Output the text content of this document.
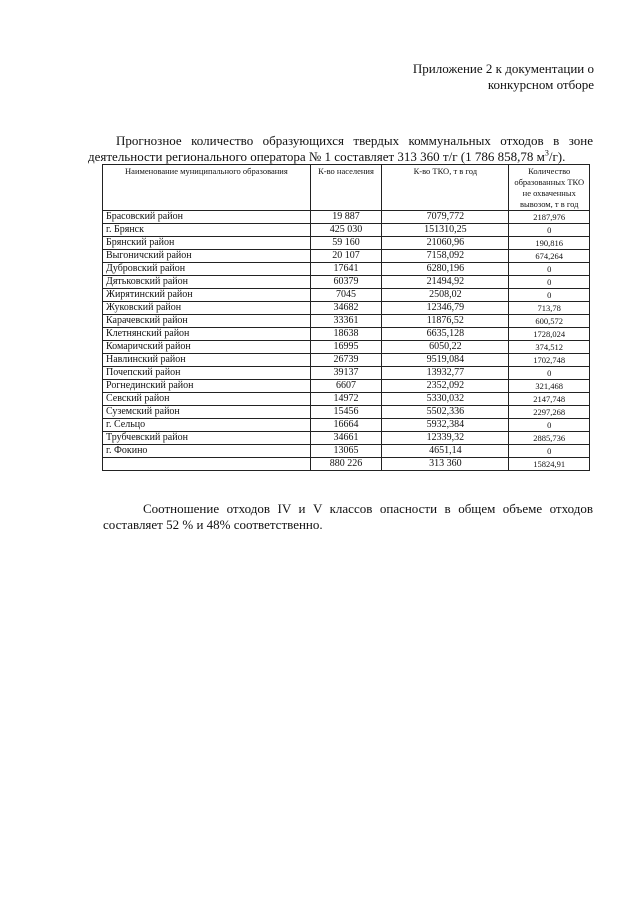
Приложение 2 к документации о
конкурсном отборе

Прогнозное количество образующихся твердых коммунальных отходов в зоне деятельности регионального оператора № 1 составляет 313 360 т/г (1 786 858,78 $м^3/г$).

Наименование муниципального образования	К-во населения	К-во ТКО, т в год	Количество образованных ТКО не охваченных вывозом, т в год
Брасовский район	19 887	7079,772	2187,976
г. Брянск	425 030	151310,25	0
Брянский район	59 160	21060,96	190,816
Выгоничский район	20 107	7158,092	674,264
Дубровский район	17641	6280,196	0
Дятьковский район	60379	21494,92	0
Жирятинский район	7045	2508,02	0
Жуковский район	34682	12346,79	713,78
Карачевский район	33361	11876,52	600,572
Клетнянский район	18638	6635,128	1728,024
Комаричский район	16995	6050,22	374,512
Навлинский район	26739	9519,084	1702,748
Почепский район	39137	13932,77	0
Рогнединский район	6607	2352,092	321,468
Севский район	14972	5330,032	2147,748
Суземский район	15456	5502,336	2297,268
г. Сельцо	16664	5932,384	0
Трубчевский район	34661	12339,32	2885,736
г. Фокино	13065	4651,14	0
	880 226	313 360	15824,91

Соотношение отходов IV и V классов опасности в общем объеме отходов составляет 52 % и 48% соответственно.
